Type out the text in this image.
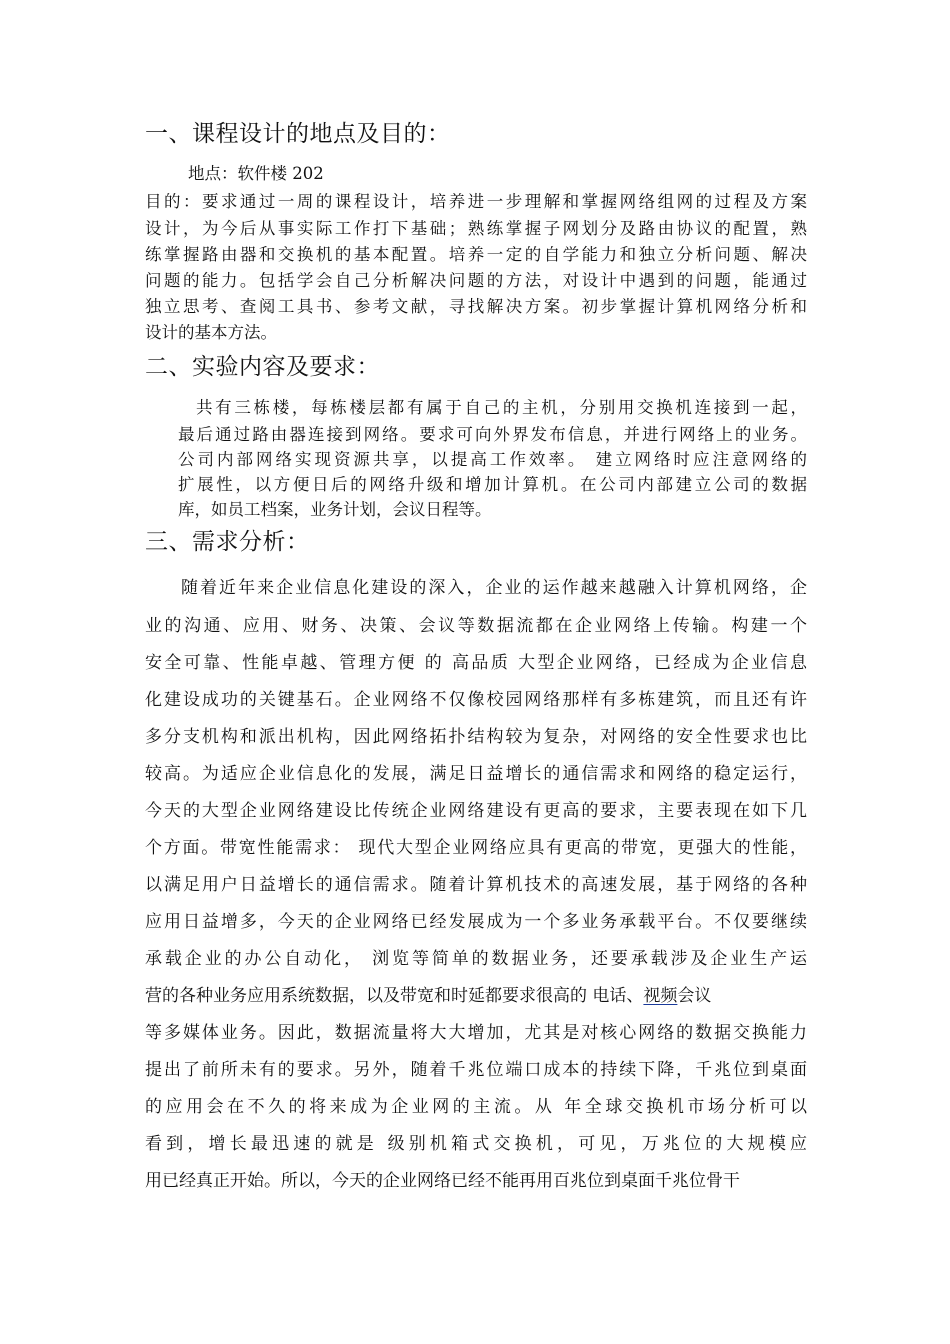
一、课程设计的地点及目的：
地点：软件楼 202
目的：要求通过一周的课程设计，培养进一步理解和掌握网络组网的过程及方案
设计，为今后从事实际工作打下基础；熟练掌握子网划分及路由协议的配置，熟
练掌握路由器和交换机的基本配置。培养一定的自学能力和独立分析问题、解决
问题的能力。包括学会自己分析解决问题的方法，对设计中遇到的问题，能通过
独立思考、查阅工具书、参考文献，寻找解决方案。初步掌握计算机网络分析和
设计的基本方法。
二、实验内容及要求：
共有三栋楼，每栋楼层都有属于自己的主机，分别用交换机连接到一起，
最后通过路由器连接到网络。要求可向外界发布信息，并进行网络上的业务。
公司内部网络实现资源共享，以提高工作效率。 建立网络时应注意网络的
扩展性，以方便日后的网络升级和增加计算机。在公司内部建立公司的数据
库，如员工档案，业务计划，会议日程等。
三、需求分析：
随着近年来企业信息化建设的深入，企业的运作越来越融入计算机网络，企
业的沟通、应用、财务、决策、会议等数据流都在企业网络上传输。构建一个
安全可靠、性能卓越、管理方便 的 高品质 大型企业网络，已经成为企业信息
化建设成功的关键基石。企业网络不仅像校园网络那样有多栋建筑，而且还有许
多分支机构和派出机构，因此网络拓扑结构较为复杂，对网络的安全性要求也比
较高。为适应企业信息化的发展，满足日益增长的通信需求和网络的稳定运行，
今天的大型企业网络建设比传统企业网络建设有更高的要求，主要表现在如下几
个方面。带宽性能需求： 现代大型企业网络应具有更高的带宽，更强大的性能，
以满足用户日益增长的通信需求。随着计算机技术的高速发展，基于网络的各种
应用日益增多，今天的企业网络已经发展成为一个多业务承载平台。不仅要继续
承载企业的办公自动化， 浏览等简单的数据业务，还要承载涉及企业生产运
营的各种业务应用系统数据，以及带宽和时延都要求很高的 电话、视频会议
等多媒体业务。因此，数据流量将大大增加，尤其是对核心网络的数据交换能力
提出了前所未有的要求。另外，随着千兆位端口成本的持续下降，千兆位到桌面
的应用会在不久的将来成为企业网的主流。从 年全球交换机市场分析可以
看到，增长最迅速的就是 级别机箱式交换机，可见，万兆位的大规模应
用已经真正开始。所以，今天的企业网络已经不能再用百兆位到桌面千兆位骨干
